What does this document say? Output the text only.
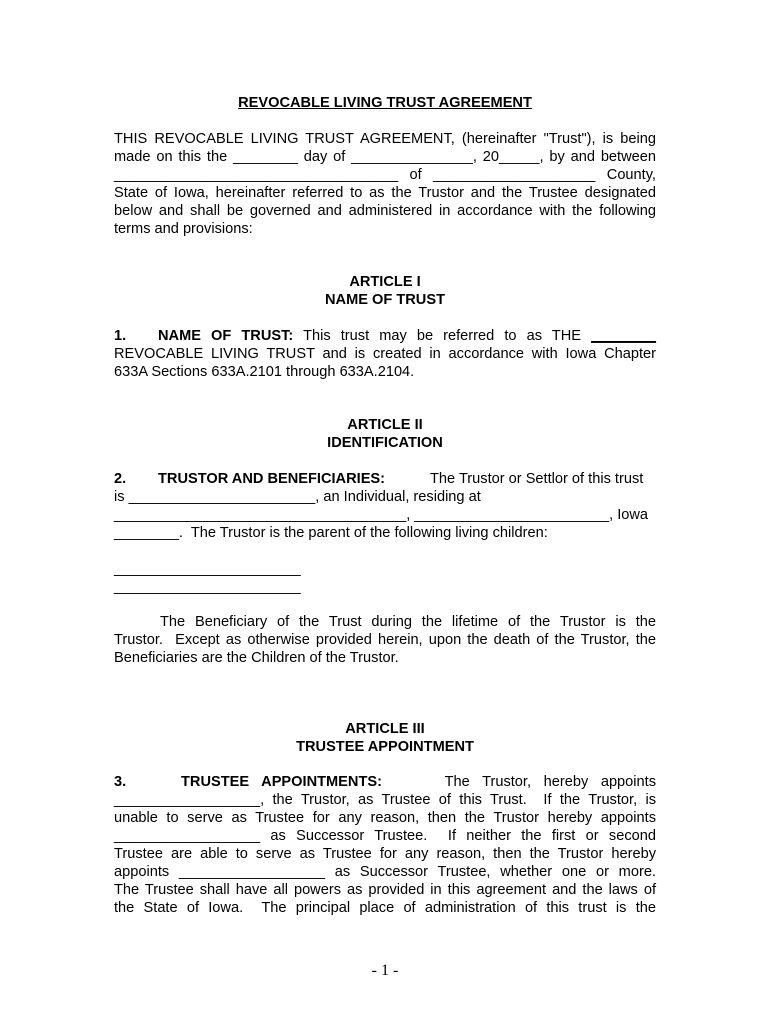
REVOCABLE LIVING TRUST AGREEMENT
THIS REVOCABLE LIVING TRUST AGREEMENT, (hereinafter "Trust"), is being
made on this the ________ day of _______________, 20_____, by and between
___________________________________ of ____________________ County,
State of Iowa, hereinafter referred to as the Trustor and the Trustee designated
below and shall be governed and administered in accordance with the following
terms and provisions:
ARTICLE I
NAME OF TRUST
1. NAME OF TRUST: This trust may be referred to as THE ________
REVOCABLE LIVING TRUST and is created in accordance with Iowa Chapter
633A Sections 633A.2101 through 633A.2104.
ARTICLE II
IDENTIFICATION
2. TRUSTOR AND BENEFICIARIES:	The Trustor or Settlor of this trust
is _______________________, an Individual, residing at
____________________________________, ________________________, Iowa
________.  The Trustor is the parent of the following living children:
_______________________
_______________________
The Beneficiary of the Trust during the lifetime of the Trustor is the
Trustor.  Except as otherwise provided herein, upon the death of the Trustor, the
Beneficiaries are the Children of the Trustor.
ARTICLE III
TRUSTEE APPOINTMENT
3.	TRUSTEE APPOINTMENTS:	The Trustor, hereby appoints
__________________, the Trustor, as Trustee of this Trust.  If the Trustor, is
unable to serve as Trustee for any reason, then the Trustor hereby appoints
__________________ as Successor Trustee.  If neither the first or second
Trustee are able to serve as Trustee for any reason, then the Trustor hereby
appoints __________________ as Successor Trustee, whether one or more.
The Trustee shall have all powers as provided in this agreement and the laws of
the State of Iowa.  The principal place of administration of this trust is the
- 1 -
